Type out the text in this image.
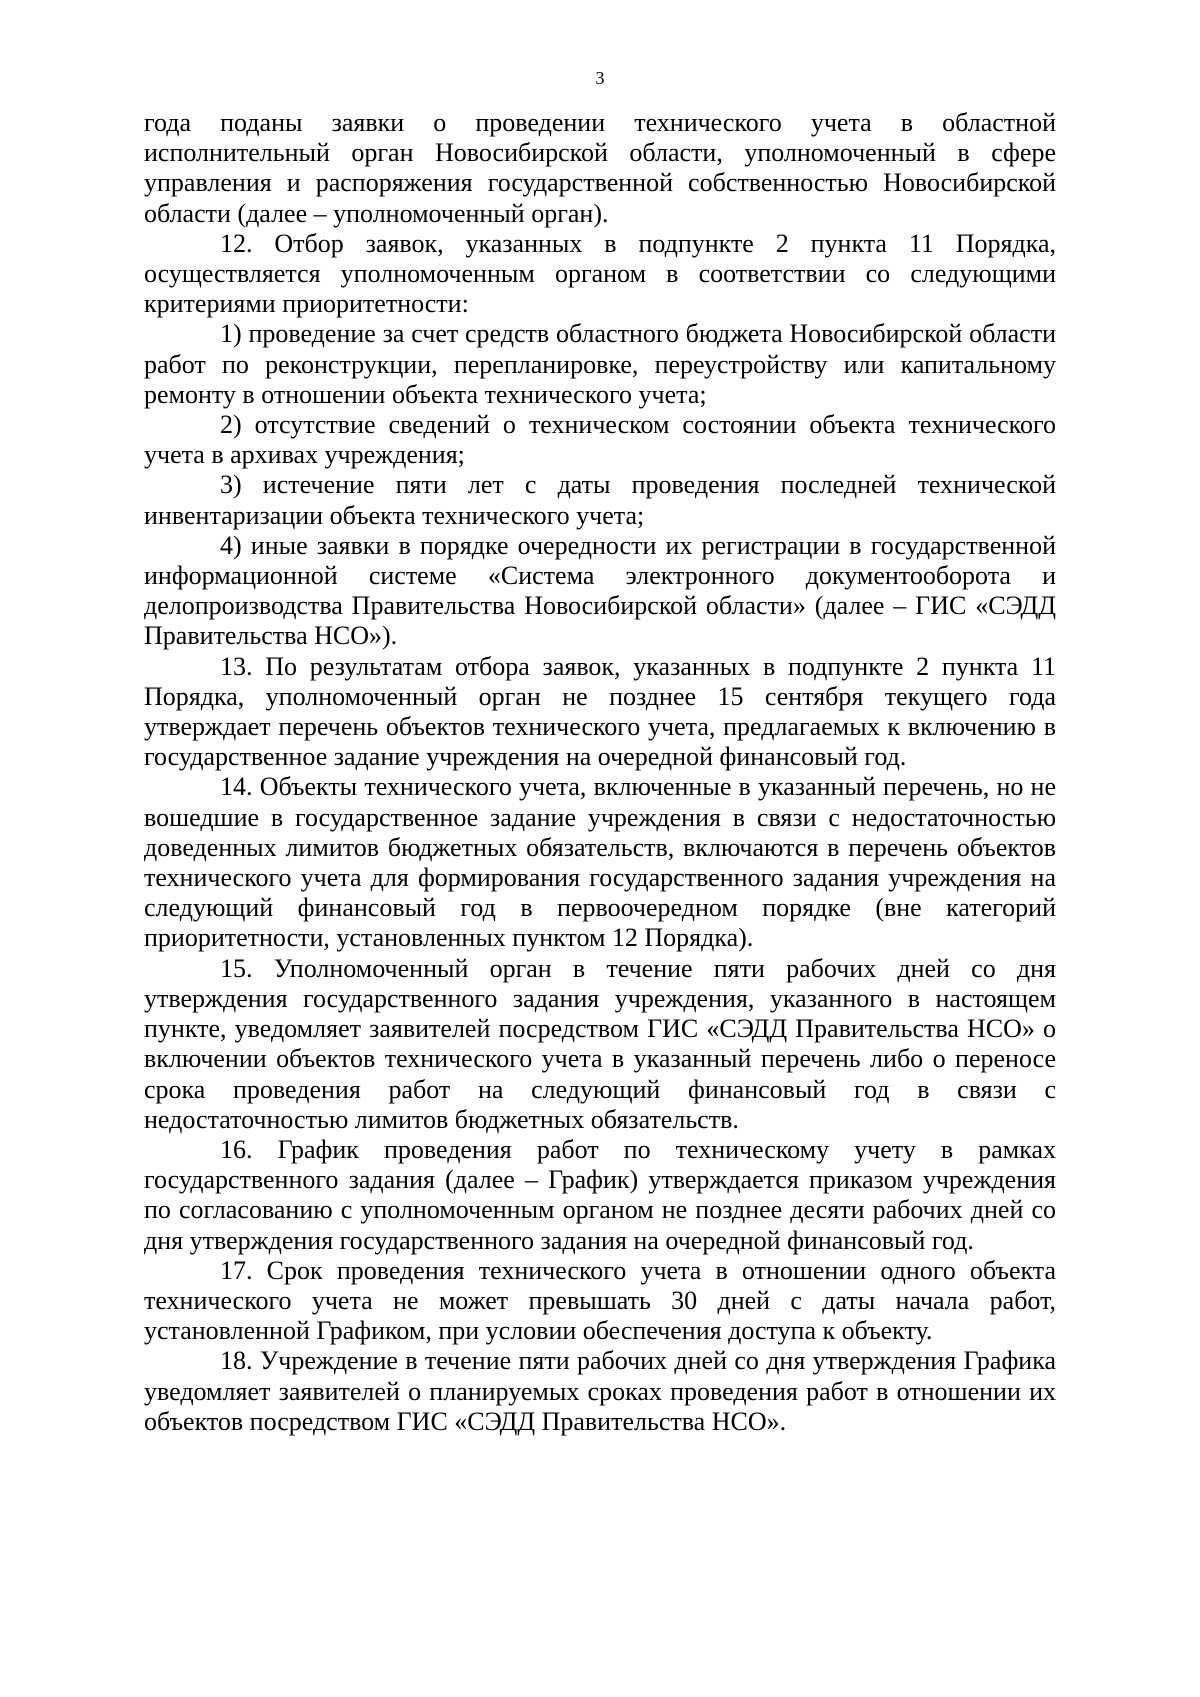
3

года поданы заявки о проведении технического учета в областной исполнительный орган Новосибирской области, уполномоченный в сфере управления и распоряжения государственной собственностью Новосибирской области (далее – уполномоченный орган).

12. Отбор заявок, указанных в подпункте 2 пункта 11 Порядка, осуществляется уполномоченным органом в соответствии со следующими критериями приоритетности:

1) проведение за счет средств областного бюджета Новосибирской области работ по реконструкции, перепланировке, переустройству или капитальному ремонту в отношении объекта технического учета;

2) отсутствие сведений о техническом состоянии объекта технического учета в архивах учреждения;

3) истечение пяти лет с даты проведения последней технической инвентаризации объекта технического учета;

4) иные заявки в порядке очередности их регистрации в государственной информационной системе «Система электронного документооборота и делопроизводства Правительства Новосибирской области» (далее – ГИС «СЭДД Правительства НСО»).

13. По результатам отбора заявок, указанных в подпункте 2 пункта 11 Порядка, уполномоченный орган не позднее 15 сентября текущего года утверждает перечень объектов технического учета, предлагаемых к включению в государственное задание учреждения на очередной финансовый год.

14. Объекты технического учета, включенные в указанный перечень, но не вошедшие в государственное задание учреждения в связи с недостаточностью доведенных лимитов бюджетных обязательств, включаются в перечень объектов технического учета для формирования государственного задания учреждения на следующий финансовый год в первоочередном порядке (вне категорий приоритетности, установленных пунктом 12 Порядка).

15. Уполномоченный орган в течение пяти рабочих дней со дня утверждения государственного задания учреждения, указанного в настоящем пункте, уведомляет заявителей посредством ГИС «СЭДД Правительства НСО» о включении объектов технического учета в указанный перечень либо о переносе срока проведения работ на следующий финансовый год в связи с недостаточностью лимитов бюджетных обязательств.

16. График проведения работ по техническому учету в рамках государственного задания (далее – График) утверждается приказом учреждения по согласованию с уполномоченным органом не позднее десяти рабочих дней со дня утверждения государственного задания на очередной финансовый год.

17. Срок проведения технического учета в отношении одного объекта технического учета не может превышать 30 дней с даты начала работ, установленной Графиком, при условии обеспечения доступа к объекту.

18. Учреждение в течение пяти рабочих дней со дня утверждения Графика уведомляет заявителей о планируемых сроках проведения работ в отношении их объектов посредством ГИС «СЭДД Правительства НСО».
